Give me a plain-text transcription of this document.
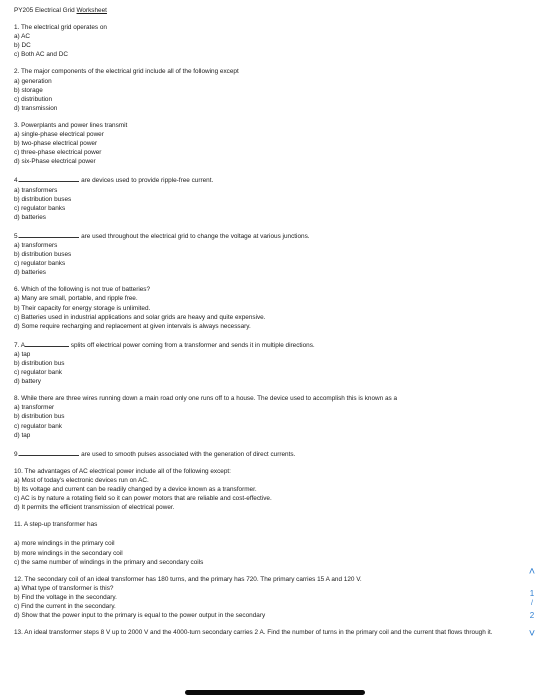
PY205 Electrical Grid Worksheet
1. The electrical grid operates on
a) AC
b) DC
c) Both AC and DC
2. The major components of the electrical grid include all of the following except
a) generation
b) storage
c) distribution
d) transmission
3. Powerplants and power lines transmit
a) single-phase electrical power
b) two-phase electrical power
c) three-phase electrical power
d) six-Phase electrical power
4.	are devices used to provide ripple-free current.
a) transformers
b) distribution buses
c) regulator banks
d) batteries
5.	are used throughout the electrical grid to change the voltage at various junctions.
a) transformers
b) distribution buses
c) regulator banks
d) batteries
6. Which of the following is not true of batteries?
a) Many are small, portable, and ripple free.
b) Their capacity for energy storage is unlimited.
c) Batteries used in industrial applications and solar grids are heavy and quite expensive.
d) Some require recharging and replacement at given intervals is always necessary.
7. A	splits off electrical power coming from a transformer and sends it in multiple directions.
a) tap
b) distribution bus
c) regulator bank
d) battery
8. While there are three wires running down a main road only one runs off to a house. The device used to accomplish this is known as a
a) transformer
b) distribution bus
c) regulator bank
d) tap
9.	are used to smooth pulses associated with the generation of direct currents.
10. The advantages of AC electrical power include all of the following except:
a) Most of today's electronic devices run on AC.
b) Its voltage and current can be readily changed by a device known as a transformer.
c) AC is by nature a rotating field so it can power motors that are reliable and cost-effective.
d) It permits the efficient transmission of electrical power.
11. A step-up transformer has
a) more windings in the primary coil
b) more windings in the secondary coil
c) the same number of windings in the primary and secondary coils
12. The secondary coil of an ideal transformer has 180 turns, and the primary has 720. The primary carries 15 A and 120 V.
a) What type of transformer is this?
b) Find the voltage in the secondary.
c) Find the current in the secondary.
d) Show that the power input to the primary is equal to the power output in the secondary
13. An ideal transformer steps 8 V up to 2000 V and the 4000-turn secondary carries 2 A. Find the number of turns in the primary coil and the current that flows through it.
˄
1
/
2
˅
